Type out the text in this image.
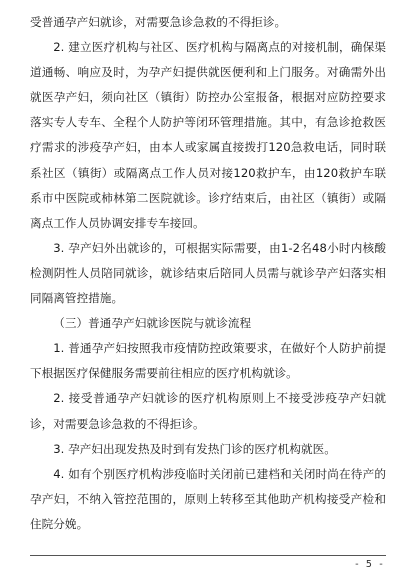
受普通孕产妇就诊，对需要急诊急救的不得拒诊。

2. 建立医疗机构与社区、医疗机构与隔离点的对接机制，确保渠道通畅、响应及时，为孕产妇提供就医便利和上门服务。对确需外出就医孕产妇，须向社区（镇街）防控办公室报备，根据对应防控要求落实专人专车、全程个人防护等闭环管理措施。其中，有急诊抢救医疗需求的涉疫孕产妇，由本人或家属直接拨打120急救电话，同时联系社区（镇街）或隔离点工作人员对接120救护车，由120救护车联系市中医院或柿林第二医院就诊。诊疗结束后，由社区（镇街）或隔离点工作人员协调安排专车接回。

3. 孕产妇外出就诊的，可根据实际需要，由1-2名48小时内核酸检测阴性人员陪同就诊，就诊结束后陪同人员需与就诊孕产妇落实相同隔离管控措施。

（三）普通孕产妇就诊医院与就诊流程

1. 普通孕产妇按照我市疫情防控政策要求，在做好个人防护前提下根据医疗保健服务需要前往相应的医疗机构就诊。

2. 接受普通孕产妇就诊的医疗机构原则上不接受涉疫孕产妇就诊，对需要急诊急救的不得拒诊。

3. 孕产妇出现发热及时到有发热门诊的医疗机构就医。

4. 如有个别医疗机构涉疫临时关闭前已建档和关闭时尚在待产的孕产妇，不纳入管控范围的，原则上转移至其他助产机构接受产检和住院分娩。

- 5 -
